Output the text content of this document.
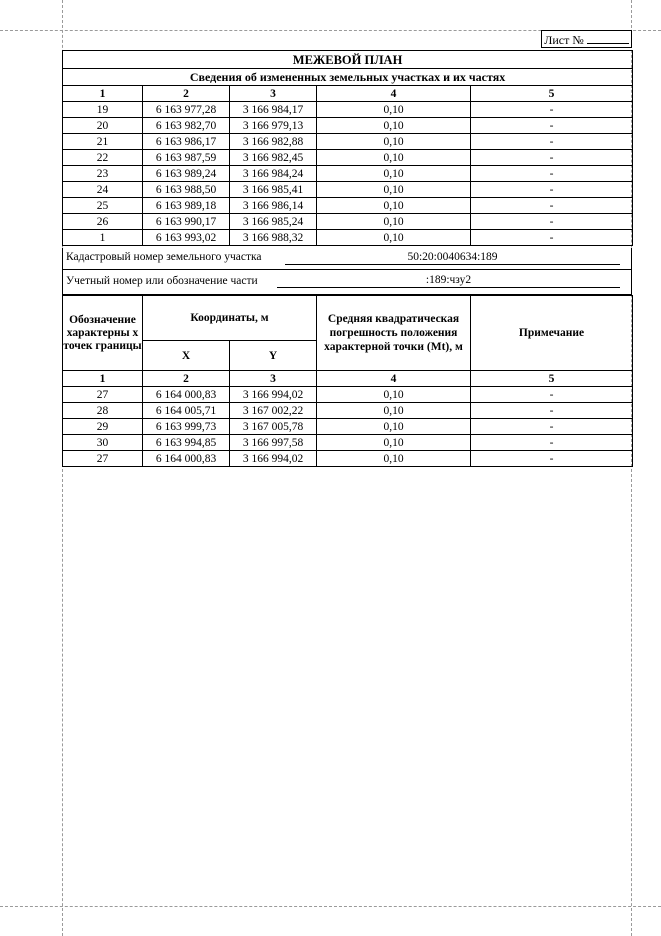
Лист №
МЕЖЕВОЙ ПЛАН				
Сведения об измененных земельных участках и их частях				
1	2	3	4	5
19	6 163 977,28	3 166 984,17	0,10	-
20	6 163 982,70	3 166 979,13	0,10	-
21	6 163 986,17	3 166 982,88	0,10	-
22	6 163 987,59	3 166 982,45	0,10	-
23	6 163 989,24	3 166 984,24	0,10	-
24	6 163 988,50	3 166 985,41	0,10	-
25	6 163 989,18	3 166 986,14	0,10	-
26	6 163 990,17	3 166 985,24	0,10	-
1	6 163 993,02	3 166 988,32	0,10	-
Кадастровый номер земельного участка	50:20:0040634:189
Учетный номер или обозначение части	:189:чзу2
Обозначение характерны х точек границы	Координаты, м		Средняя квадратическая погрешность положения характерной точки (Mt), м	Примечание
	X	Y		
1	2	3	4	5
27	6 164 000,83	3 166 994,02	0,10	-
28	6 164 005,71	3 167 002,22	0,10	-
29	6 163 999,73	3 167 005,78	0,10	-
30	6 163 994,85	3 166 997,58	0,10	-
27	6 164 000,83	3 166 994,02	0,10	-
